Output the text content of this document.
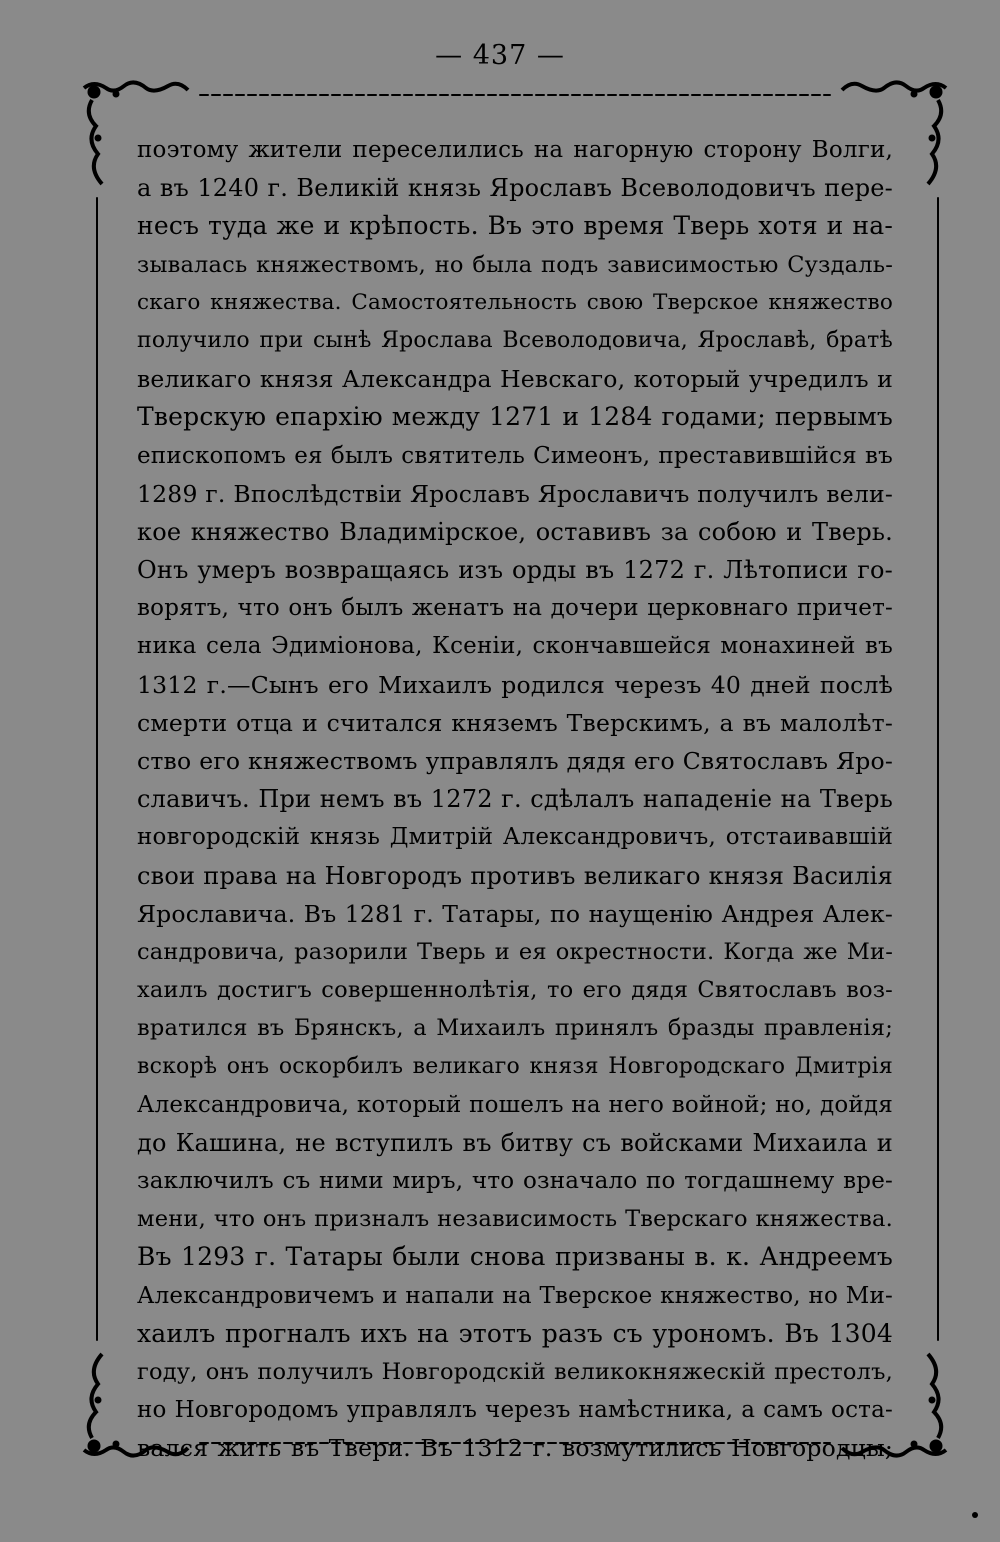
— 437 —
поэтому жители переселились на нагорную сторону Волги,
а въ 1240 г. Великій князь Ярославъ Всеволодовичъ пере-
несъ туда же и крѣпость. Въ это время Тверь хотя и на-
зывалась княжествомъ, но была подъ зависимостью Суздаль-
скаго княжества. Самостоятельность свою Тверское княжество
получило при сынѣ Ярослава Всеволодовича, Ярославѣ, братѣ
великаго князя Александра Невскаго, который учредилъ и
Тверскую епархію между 1271 и 1284 годами; первымъ
епископомъ ея былъ святитель Симеонъ, преставившійся въ
1289 г. Впослѣдствіи Ярославъ Ярославичъ получилъ вели-
кое княжество Владимірское, оставивъ за собою и Тверь.
Онъ умеръ возвращаясь изъ орды въ 1272 г. Лѣтописи го-
ворятъ, что онъ былъ женатъ на дочери церковнаго причет-
ника села Эдиміонова, Ксеніи, скончавшейся монахиней въ
1312 г.—Сынъ его Михаилъ родился черезъ 40 дней послѣ
смерти отца и считался княземъ Тверскимъ, а въ малолѣт-
ство его княжествомъ управлялъ дядя его Святославъ Яро-
славичъ. При немъ въ 1272 г. сдѣлалъ нападеніе на Тверь
новгородскій князь Дмитрій Александровичъ, отстаивавшій
свои права на Новгородъ противъ великаго князя Василія
Ярославича. Въ 1281 г. Татары, по наущенію Андрея Алек-
сандровича, разорили Тверь и ея окрестности. Когда же Ми-
хаилъ достигъ совершеннолѣтія, то его дядя Святославъ воз-
вратился въ Брянскъ, а Михаилъ принялъ бразды правленія;
вскорѣ онъ оскорбилъ великаго князя Новгородскаго Дмитрія
Александровича, который пошелъ на него войной; но, дойдя
до Кашина, не вступилъ въ битву съ войсками Михаила и
заключилъ съ ними миръ, что означало по тогдашнему вре-
мени, что онъ призналъ независимость Тверскаго княжества.
Въ 1293 г. Татары были снова призваны в. к. Андреемъ
Александровичемъ и напали на Тверское княжество, но Ми-
хаилъ прогналъ ихъ на этотъ разъ съ урономъ. Въ 1304
году, онъ получилъ Новгородскій великокняжескій престолъ,
но Новгородомъ управлялъ черезъ намѣстника, а самъ оста-
вался жить въ Твери. Въ 1312 г. возмутились Новгородцы;
